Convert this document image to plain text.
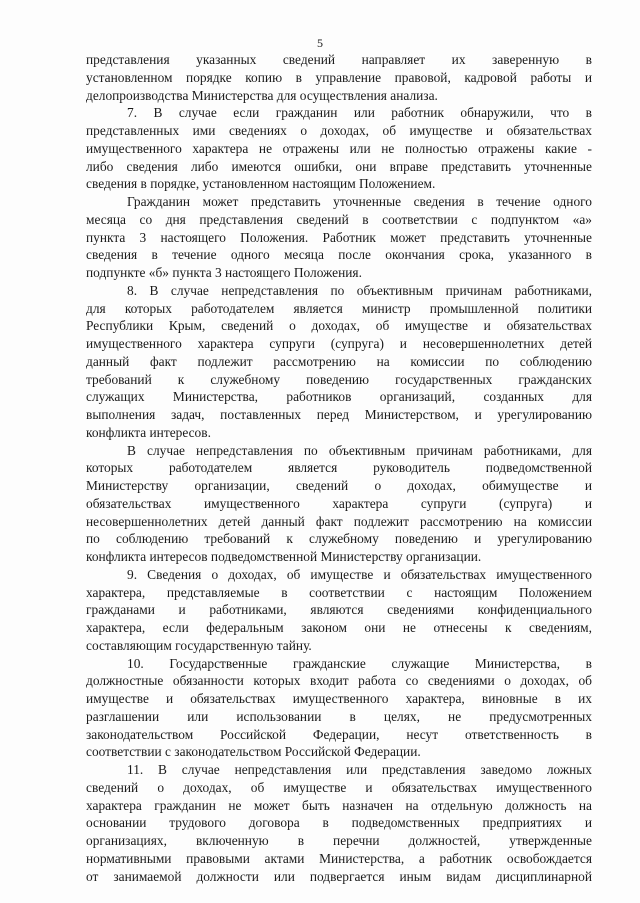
5
представления указанных сведений направляет их заверенную в
установленном порядке копию в управление правовой, кадровой работы и
делопроизводства Министерства для осуществления анализа.
7. В случае если гражданин или работник обнаружили, что в
представленных ими сведениях о доходах, об имуществе и обязательствах
имущественного характера не отражены или не полностью отражены какие -
либо сведения либо имеются ошибки, они вправе представить уточненные
сведения в порядке, установленном настоящим Положением.
Гражданин может представить уточненные сведения в течение одного
месяца со дня представления сведений в соответствии с подпунктом «а»
пункта 3 настоящего Положения. Работник может представить уточненные
сведения в течение одного месяца после окончания срока, указанного в
подпункте «б» пункта 3 настоящего Положения.
8. В случае непредставления по объективным причинам работниками,
для которых работодателем является министр промышленной политики
Республики Крым, сведений о доходах, об имуществе и обязательствах
имущественного характера супруги (супруга) и несовершеннолетних детей
данный факт подлежит рассмотрению на комиссии по соблюдению
требований к служебному поведению государственных гражданских
служащих Министерства, работников организаций, созданных для
выполнения задач, поставленных перед Министерством, и урегулированию
конфликта интересов.
В случае непредставления по объективным причинам работниками, для
которых работодателем является руководитель подведомственной
Министерству организации, сведений о доходах, обимуществе и
обязательствах имущественного характера супруги (супруга) и
несовершеннолетних детей данный факт подлежит рассмотрению на комиссии
по соблюдению требований к служебному поведению и урегулированию
конфликта интересов подведомственной Министерству организации.
9. Сведения о доходах, об имуществе и обязательствах имущественного
характера, представляемые в соответствии с настоящим Положением
гражданами и работниками, являются сведениями конфиденциального
характера, если федеральным законом они не отнесены к сведениям,
составляющим государственную тайну.
10. Государственные гражданские служащие Министерства, в
должностные обязанности которых входит работа со сведениями о доходах, об
имуществе и обязательствах имущественного характера, виновные в их
разглашении или использовании в целях, не предусмотренных
законодательством Российской Федерации, несут ответственность в
соответствии с законодательством Российской Федерации.
11. В случае непредставления или представления заведомо ложных
сведений о доходах, об имуществе и обязательствах имущественного
характера гражданин не может быть назначен на отдельную должность на
основании трудового договора в подведомственных предприятиях и
организациях, включенную в перечни должностей, утвержденные
нормативными правовыми актами Министерства, а работник освобождается
от занимаемой должности или подвергается иным видам дисциплинарной
